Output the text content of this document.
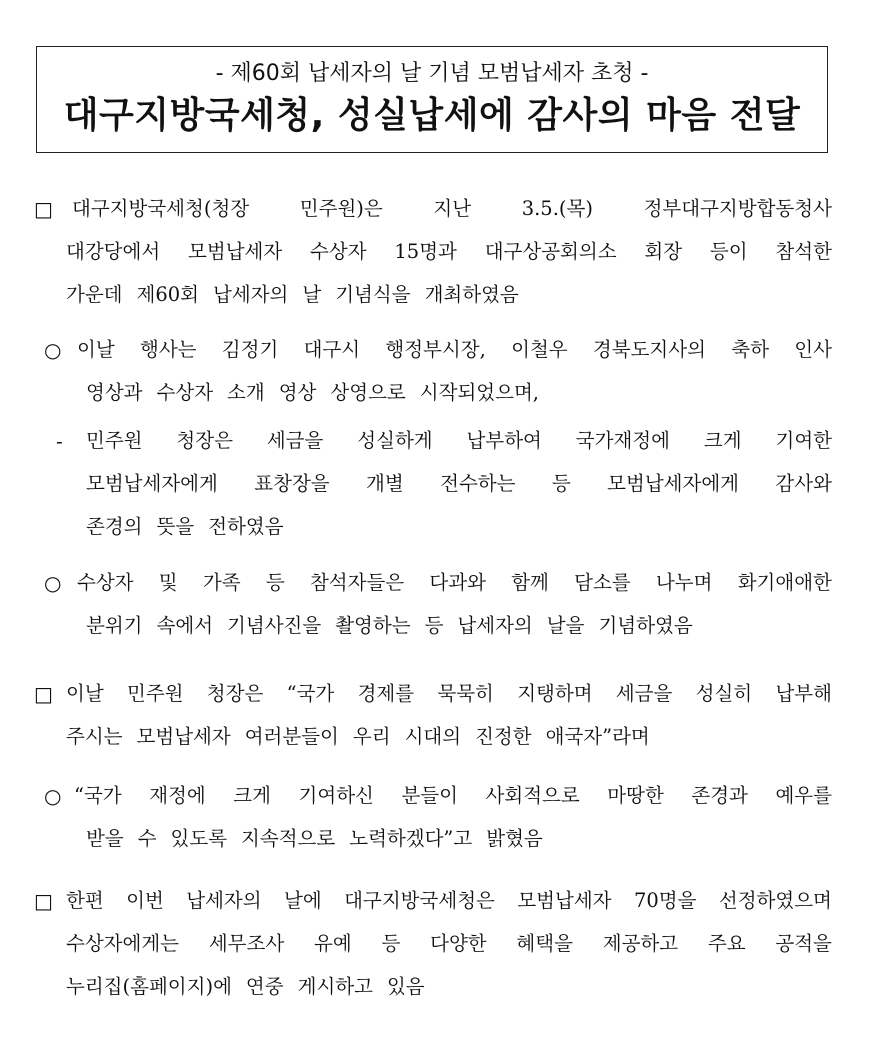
- 제60회 납세자의 날 기념 모범납세자 초청 -
대구지방국세청, 성실납세에 감사의 마음 전달
□
○
-
○
□
○
□
대구지방국세청(청장	민주원)은	지난	3.5.(목)	정부대구지방합동청사
대강당에서 모범납세자 수상자 15명과 대구상공회의소 회장 등이 참석한
가운데 제60회 납세자의 날 기념식을 개최하였음
이날 행사는 김정기 대구시 행정부시장, 이철우 경북도지사의 축하 인사
영상과 수상자 소개 영상 상영으로 시작되었으며,
민주원 청장은 세금을 성실하게 납부하여 국가재정에 크게 기여한
모범납세자에게 표창장을 개별 전수하는 등 모범납세자에게 감사와
존경의 뜻을 전하였음
수상자 및 가족 등 참석자들은 다과와 함께 담소를 나누며 화기애애한
분위기 속에서 기념사진을 촬영하는 등 납세자의 날을 기념하였음
이날 민주원 청장은 “국가 경제를 묵묵히 지탱하며 세금을 성실히 납부해
주시는 모범납세자 여러분들이 우리 시대의 진정한 애국자”라며
“국가 재정에 크게 기여하신 분들이 사회적으로 마땅한 존경과 예우를
받을 수 있도록 지속적으로 노력하겠다”고 밝혔음
한편 이번 납세자의 날에 대구지방국세청은 모범납세자 70명을 선정하였으며
수상자에게는 세무조사 유예 등 다양한 혜택을 제공하고 주요 공적을
누리집(홈페이지)에 연중 게시하고 있음
